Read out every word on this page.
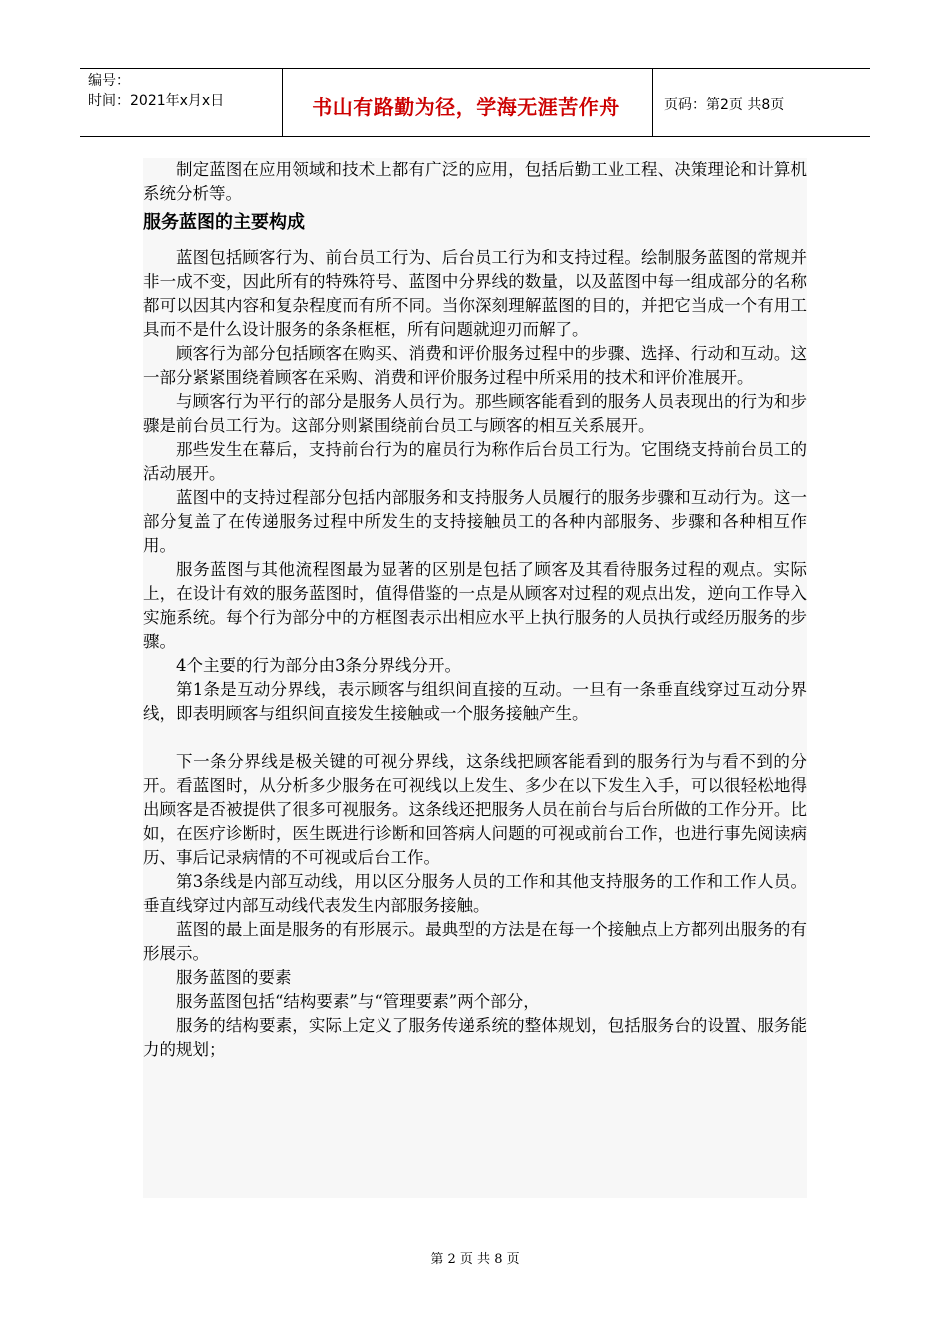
编号：
时间：2021年x月x日	书山有路勤为径，学海无涯苦作舟	页码：第2页 共8页

制定蓝图在应用领域和技术上都有广泛的应用，包括后勤工业工程、决策理论和计算机系统分析等。

服务蓝图的主要构成

蓝图包括顾客行为、前台员工行为、后台员工行为和支持过程。绘制服务蓝图的常规并非一成不变，因此所有的特殊符号、蓝图中分界线的数量，以及蓝图中每一组成部分的名称都可以因其内容和复杂程度而有所不同。当你深刻理解蓝图的目的，并把它当成一个有用工具而不是什么设计服务的条条框框，所有问题就迎刃而解了。

顾客行为部分包括顾客在购买、消费和评价服务过程中的步骤、选择、行动和互动。这一部分紧紧围绕着顾客在采购、消费和评价服务过程中所采用的技术和评价准展开。

与顾客行为平行的部分是服务人员行为。那些顾客能看到的服务人员表现出的行为和步骤是前台员工行为。这部分则紧围绕前台员工与顾客的相互关系展开。

那些发生在幕后，支持前台行为的雇员行为称作后台员工行为。它围绕支持前台员工的活动展开。

蓝图中的支持过程部分包括内部服务和支持服务人员履行的服务步骤和互动行为。这一部分复盖了在传递服务过程中所发生的支持接触员工的各种内部服务、步骤和各种相互作用。

服务蓝图与其他流程图最为显著的区别是包括了顾客及其看待服务过程的观点。实际上，在设计有效的服务蓝图时，值得借鉴的一点是从顾客对过程的观点出发，逆向工作导入实施系统。每个行为部分中的方框图表示出相应水平上执行服务的人员执行或经历服务的步骤。

4个主要的行为部分由3条分界线分开。

第1条是互动分界线，表示顾客与组织间直接的互动。一旦有一条垂直线穿过互动分界线，即表明顾客与组织间直接发生接触或一个服务接触产生。

下一条分界线是极关键的可视分界线，这条线把顾客能看到的服务行为与看不到的分开。看蓝图时，从分析多少服务在可视线以上发生、多少在以下发生入手，可以很轻松地得出顾客是否被提供了很多可视服务。这条线还把服务人员在前台与后台所做的工作分开。比如，在医疗诊断时，医生既进行诊断和回答病人问题的可视或前台工作，也进行事先阅读病历、事后记录病情的不可视或后台工作。

第3条线是内部互动线，用以区分服务人员的工作和其他支持服务的工作和工作人员。垂直线穿过内部互动线代表发生内部服务接触。

蓝图的最上面是服务的有形展示。最典型的方法是在每一个接触点上方都列出服务的有形展示。

服务蓝图的要素

服务蓝图包括“结构要素”与“管理要素”两个部分，

服务的结构要素，实际上定义了服务传递系统的整体规划，包括服务台的设置、服务能力的规划；

第 2 页 共 8 页
